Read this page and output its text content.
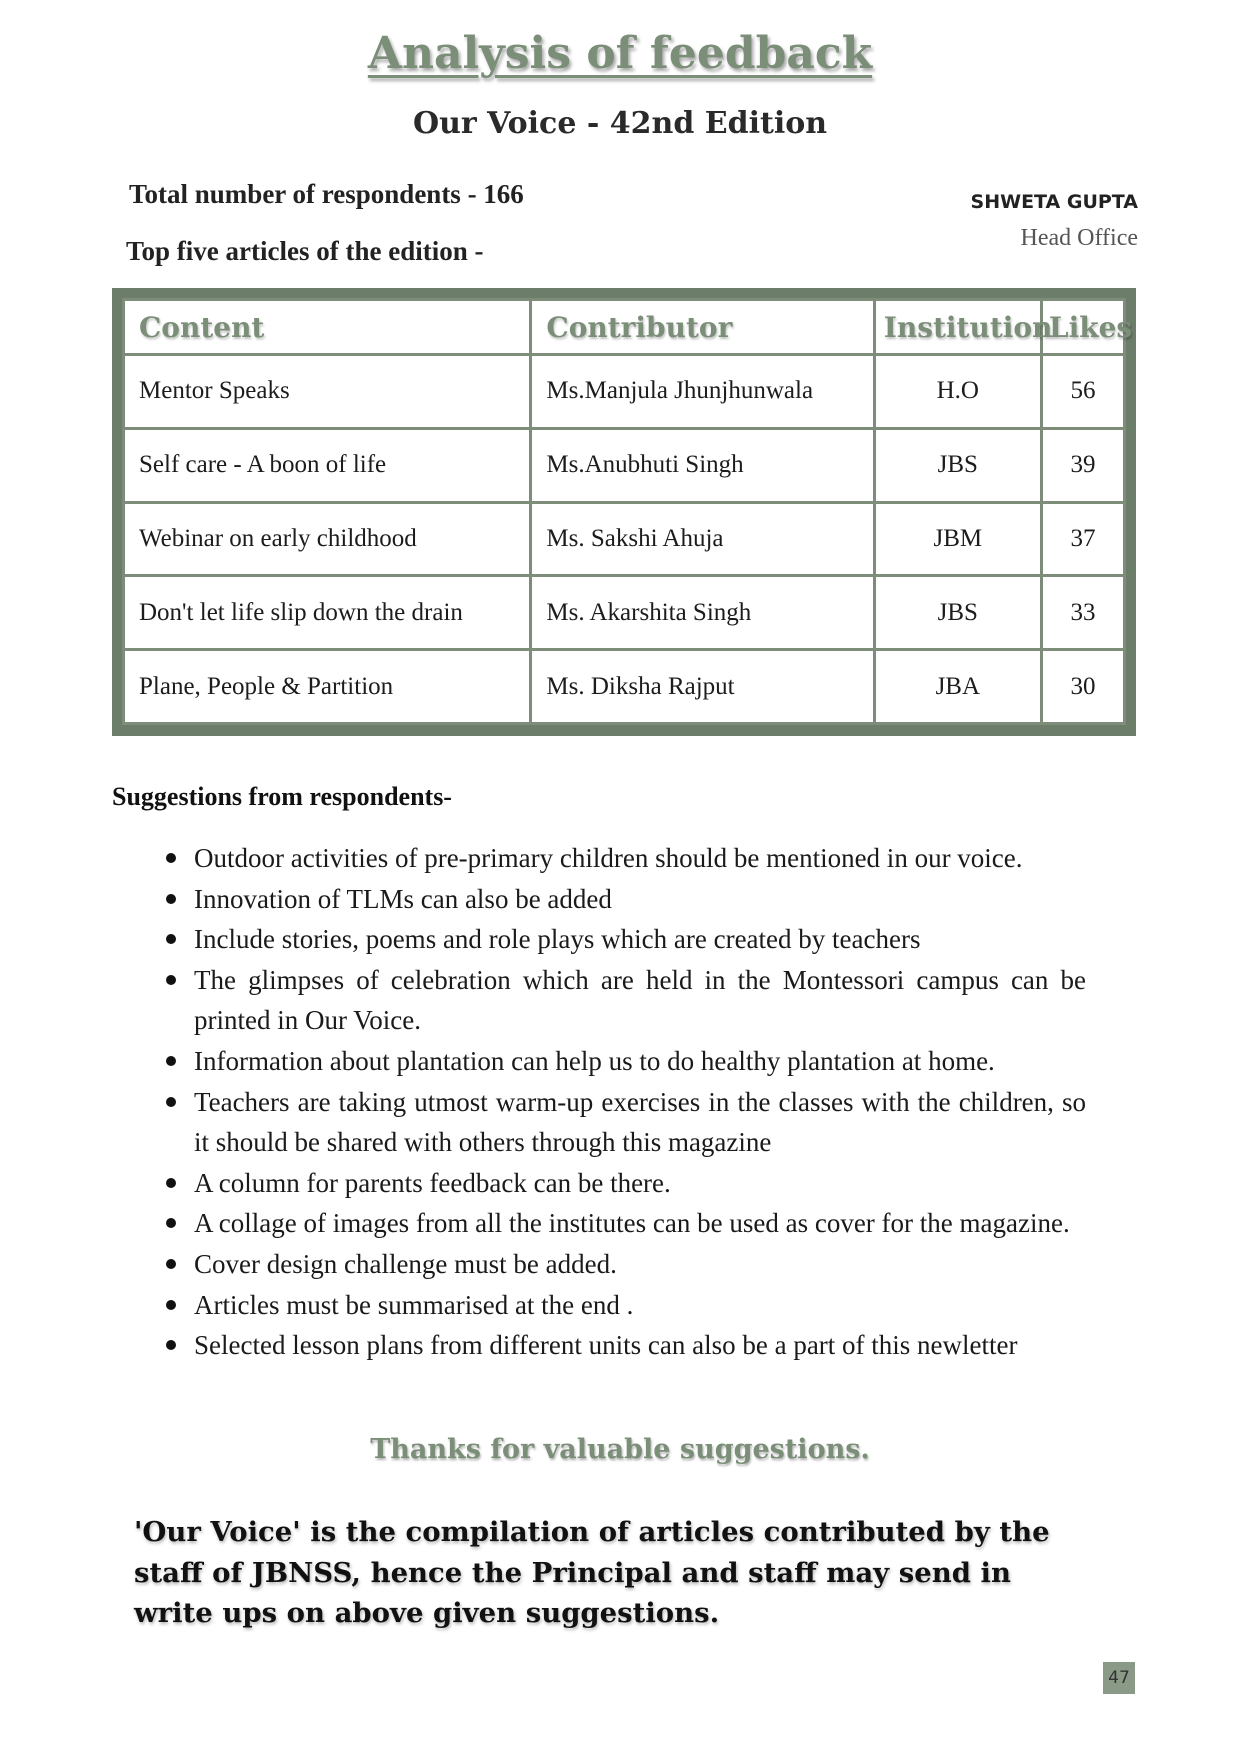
Analysis of feedback
Our Voice - 42nd Edition

Total number of respondents - 166

Top five articles of the edition -

SHWETA GUPTA

Head Office

Content	Contributor	Institution	Likes
Mentor Speaks	Ms.Manjula Jhunjhunwala	H.O	56
Self care - A boon of life	Ms.Anubhuti Singh	JBS	39
Webinar on early childhood	Ms. Sakshi Ahuja	JBM	37
Don't let life slip down the drain	Ms. Akarshita Singh	JBS	33
Plane, People & Partition	Ms. Diksha Rajput	JBA	30

Suggestions from respondents-

Outdoor activities of pre-primary children should be mentioned in our voice.
Innovation of TLMs can also be added
Include stories, poems and role plays which are created by teachers
The glimpses of celebration which are held in the Montessori campus can be printed in Our Voice.
Information about plantation can help us to do healthy plantation at home.
Teachers are taking utmost warm-up exercises in the classes with the children, so it should be shared with others through this magazine
A column for parents feedback can be there.
A collage of images from all the institutes can be used as cover for the magazine.
Cover design challenge must be added.
Articles must be summarised at the end .
Selected lesson plans from different units can also be a part of this newletter

Thanks for valuable suggestions.

'Our Voice' is the compilation of articles contributed by the staff of JBNSS, hence the Principal and staff may send in write ups on above given suggestions.

47
